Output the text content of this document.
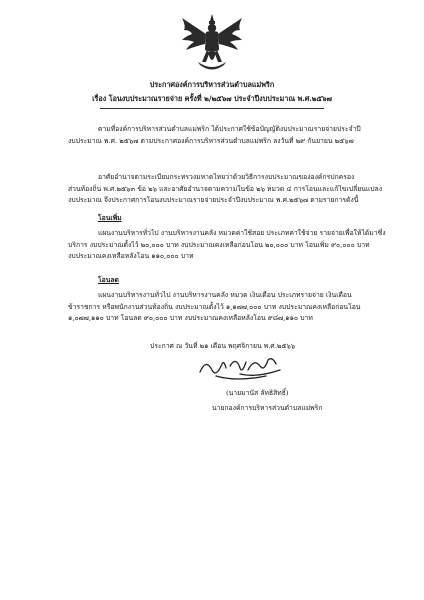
ประกาศองค์การบริหารส่วนตำบลแม่พริก
เรื่อง โอนงบประมาณรายจ่าย ครั้งที่ ๒/๒๕๖๗ ประจำปีงบประมาณ พ.ศ.๒๕๖๗
ตามที่องค์การบริหารส่วนตำบลแม่พริก ได้ประกาศใช้ข้อบัญญัติงบประมาณรายจ่ายประจำปี
งบประมาณ พ.ศ. ๒๕๖๗ ตามประกาศองค์การบริหารส่วนตำบลแม่พริก ลงวันที่ ๒๙ กันยายน ๒๕๖๗
อาศัยอำนาจตามระเบียบกระทรวงมหาดไทยว่าด้วยวิธีการงบประมาณขององค์กรปกครอง
ส่วนท้องถิ่น พ.ศ.๒๕๖๓ ข้อ ๒๖ และอาศัยอำนาจตามความในข้อ ๒๖ หมวด ๔ การโอนและแก้ไขเปลี่ยนแปลง
งบประมาณ จึงประกาศการโอนงบประมาณรายจ่ายประจำปีงบประมาณ พ.ศ.๒๕๖๗ ตามรายการดังนี้
โอนเพิ่ม
แผนงานบริหารทั่วไป งานบริหารงานคลัง หมวดค่าใช้สอย ประเภทค่าใช้จ่าย รายจ่ายเพื่อให้ได้มาซึ่ง
บริการ งบประมาณตั้งไว้ ๒๐,๐๐๐ บาท งบประมาณคงเหลือก่อนโอน ๒๐,๐๐๐ บาท โอนเพิ่ม ๙๐,๐๐๐ บาท
งบประมาณคงเหลือหลังโอน ๑๑๐,๐๐๐ บาท
โอนลด
แผนงานบริหารงานทั่วไป งานบริหารงานคลัง หมวด เงินเดือน ประเภทรายจ่าย เงินเดือน
ข้าราชการ หรือพนักงานส่วนท้องถิ่น งบประมาณตั้งไว้ ๑,๑๗๗,๐๐๐ บาท งบประมาณคงเหลือก่อนโอน
๑,๐๗๗,๑๑๐ บาท โอนลด ๙๐,๐๐๐ บาท งบประมาณคงเหลือหลังโอน ๙๘๗,๑๑๐ บาท
ประกาศ ณ วันที่ ๒๑ เดือน พฤศจิกายน พ.ศ.๒๕๖๖
(นายมานัส ลัทธิสิทธิ์)
นายกองค์การบริหารส่วนตำบลแม่พริก
